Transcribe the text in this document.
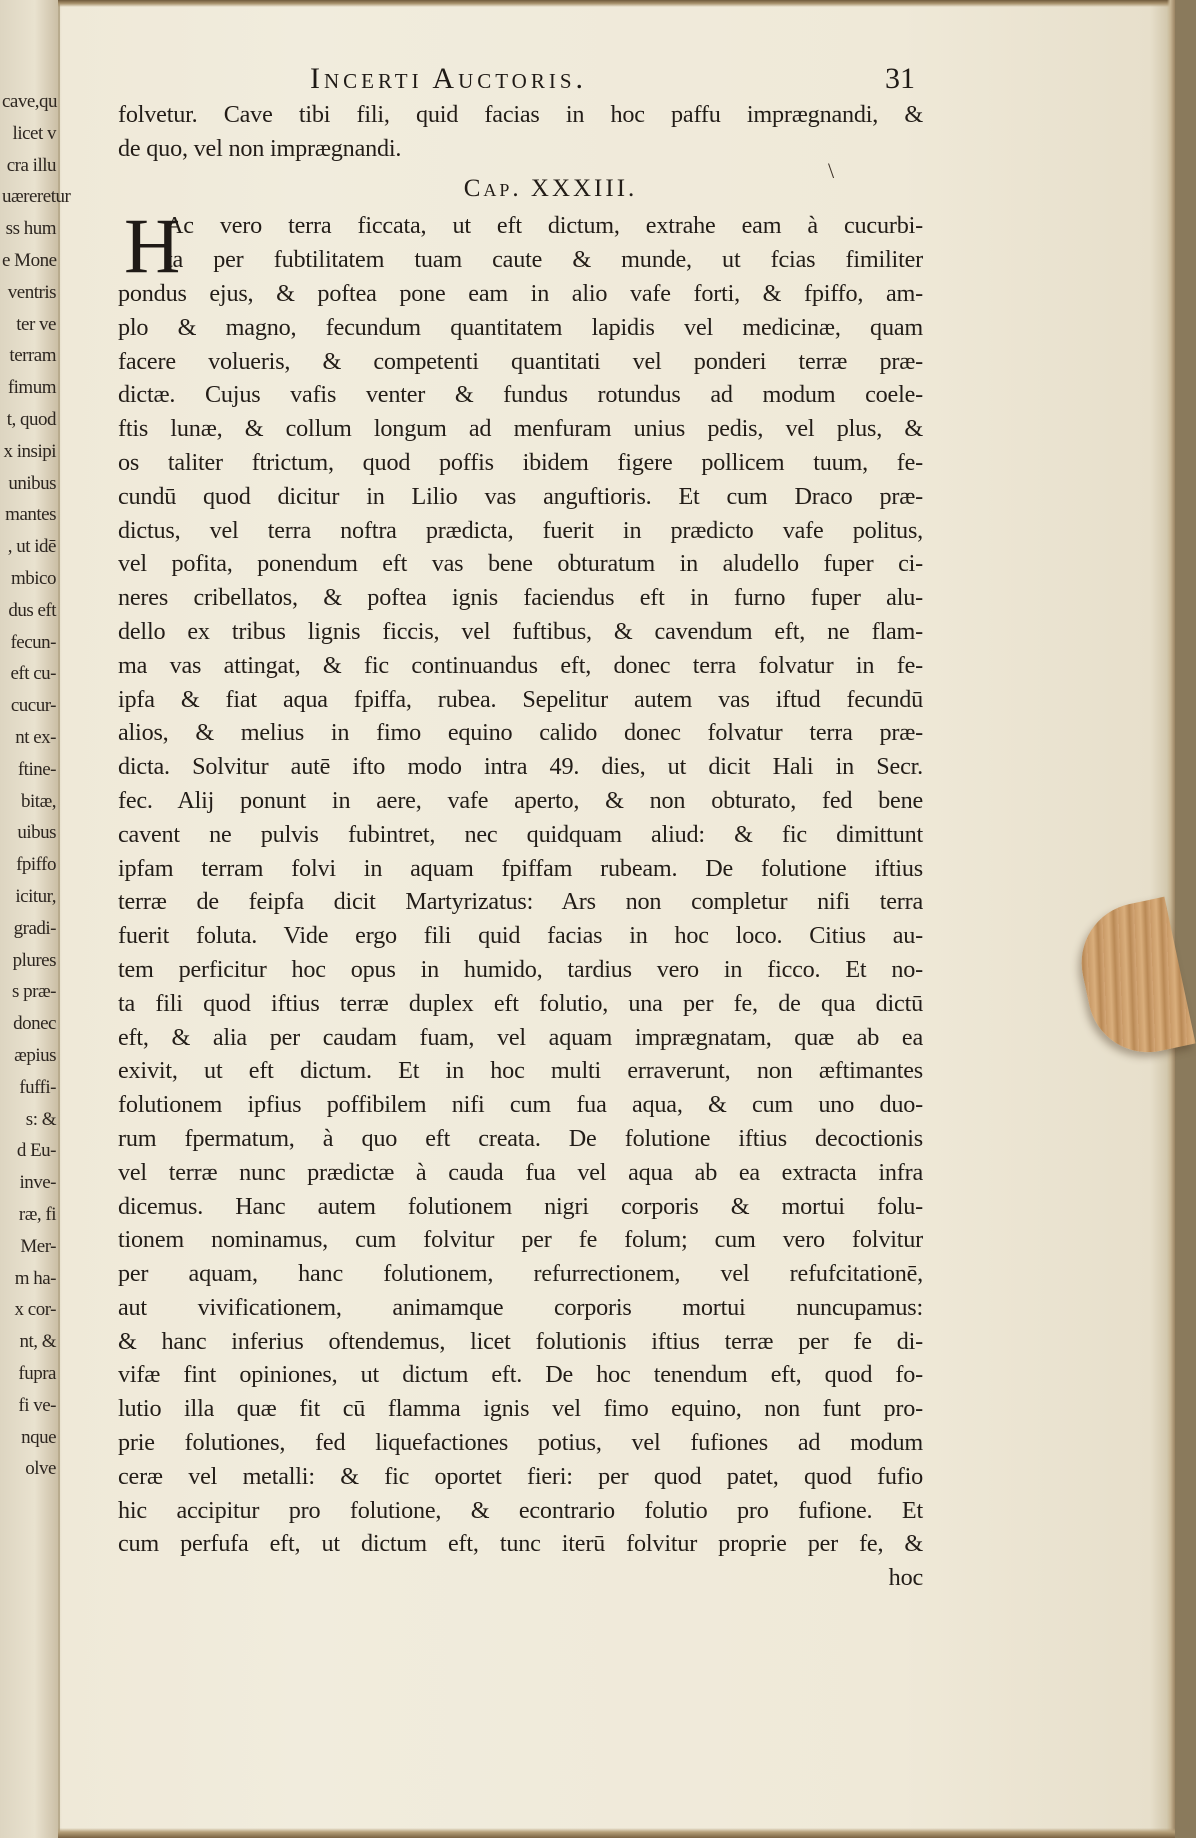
cave,qu
licet v
cra illu
uæreretur
ss hum
e Mone
ventris
ter ve
terram
fimum
t, quod
x insipi
unibus
mantes
, ut idē
mbico
dus eft
fecun-
eft cu-
cucur-
nt ex-
ftine-
bitæ,
uibus
fpiffo
icitur,
gradi-
plures
s præ-
donec
æpius
fuffi-
s: &
d Eu-
inve-
ræ, fi
Mer-
m ha-
x cor-
nt, &
fupra
fi ve-
nque
olve
Incerti Auctoris.	31
folvetur. Cave tibi fili, quid facias in hoc paffu imprægnandi, &
de quo, vel non imprægnandi.
Cap. XXXIII.
H
Ac vero terra ficcata, ut eft dictum, extrahe eam à cucurbi-
ta per fubtilitatem tuam caute & munde, ut fcias fimiliter
pondus ejus, & poftea pone eam in alio vafe forti, & fpiffo, am-
plo & magno, fecundum quantitatem lapidis vel medicinæ, quam
facere volueris, & competenti quantitati vel ponderi terræ præ-
dictæ. Cujus vafis venter & fundus rotundus ad modum coele-
ftis lunæ, & collum longum ad menfuram unius pedis, vel plus, &
os taliter ftrictum, quod poffis ibidem figere pollicem tuum, fe-
cundū quod dicitur in Lilio vas anguftioris. Et cum Draco præ-
dictus, vel terra noftra prædicta, fuerit in prædicto vafe politus,
vel pofita, ponendum eft vas bene obturatum in aludello fuper ci-
neres cribellatos, & poftea ignis faciendus eft in furno fuper alu-
dello ex tribus lignis ficcis, vel fuftibus, & cavendum eft, ne flam-
ma vas attingat, & fic continuandus eft, donec terra folvatur in fe-
ipfa & fiat aqua fpiffa, rubea. Sepelitur autem vas iftud fecundū
alios, & melius in fimo equino calido donec folvatur terra præ-
dicta. Solvitur autē ifto modo intra 49. dies, ut dicit Hali in Secr.
fec. Alij ponunt in aere, vafe aperto, & non obturato, fed bene
cavent ne pulvis fubintret, nec quidquam aliud: & fic dimittunt
ipfam terram folvi in aquam fpiffam rubeam. De folutione iftius
terræ de feipfa dicit Martyrizatus: Ars non completur nifi terra
fuerit foluta. Vide ergo fili quid facias in hoc loco. Citius au-
tem perficitur hoc opus in humido, tardius vero in ficco. Et no-
ta fili quod iftius terræ duplex eft folutio, una per fe, de qua dictū
eft, & alia per caudam fuam, vel aquam imprægnatam, quæ ab ea
exivit, ut eft dictum. Et in hoc multi erraverunt, non æftimantes
folutionem ipfius poffibilem nifi cum fua aqua, & cum uno duo-
rum fpermatum, à quo eft creata. De folutione iftius decoctionis
vel terræ nunc prædictæ à cauda fua vel aqua ab ea extracta infra
dicemus. Hanc autem folutionem nigri corporis & mortui folu-
tionem nominamus, cum folvitur per fe folum; cum vero folvitur
per aquam, hanc folutionem, refurrectionem, vel refufcitationē,
aut vivificationem, animamque corporis mortui nuncupamus:
& hanc inferius oftendemus, licet folutionis iftius terræ per fe di-
vifæ fint opiniones, ut dictum eft. De hoc tenendum eft, quod fo-
lutio illa quæ fit cū flamma ignis vel fimo equino, non funt pro-
prie folutiones, fed liquefactiones potius, vel fufiones ad modum
ceræ vel metalli: & fic oportet fieri: per quod patet, quod fufio
hic accipitur pro folutione, & econtrario folutio pro fufione. Et
cum perfufa eft, ut dictum eft, tunc iterū folvitur proprie per fe, &
hoc
\
